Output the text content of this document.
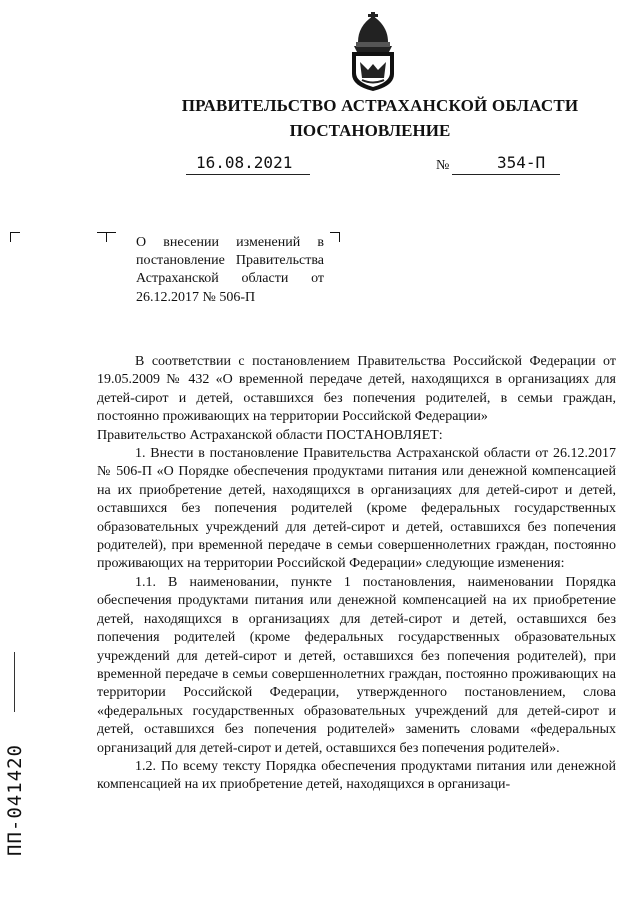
ПРАВИТЕЛЬСТВО АСТРАХАНСКОЙ ОБЛАСТИ
ПОСТАНОВЛЕНИЕ
16.08.2021	№	354-П
О внесении изменений в постановление Правительства Астраханской области от 26.12.2017 № 506-П

В соответствии с постановлением Правительства Российской Федерации от 19.05.2009 № 432 «О временной передаче детей, находящихся в организациях для детей-сирот и детей, оставшихся без попечения родителей, в семьи граждан, постоянно проживающих на территории Российской Федерации»

Правительство Астраханской области ПОСТАНОВЛЯЕТ:

1. Внести в постановление Правительства Астраханской области от 26.12.2017 № 506-П «О Порядке обеспечения продуктами питания или денежной компенсацией на их приобретение детей, находящихся в организациях для детей-сирот и детей, оставшихся без попечения родителей (кроме федеральных государственных образовательных учреждений для детей-сирот и детей, оставшихся без попечения родителей), при временной передаче в семьи совершеннолетних граждан, постоянно проживающих на территории Российской Федерации» следующие изменения:

1.1. В наименовании, пункте 1 постановления, наименовании Порядка обеспечения продуктами питания или денежной компенсацией на их приобретение детей, находящихся в организациях для детей-сирот и детей, оставшихся без попечения родителей (кроме федеральных государственных образовательных учреждений для детей-сирот и детей, оставшихся без попечения родителей), при временной передаче в семьи совершеннолетних граждан, постоянно проживающих на территории Российской Федерации, утвержденного постановлением, слова «федеральных государственных образовательных учреждений для детей-сирот и детей, оставшихся без попечения родителей» заменить словами «федеральных организаций для детей-сирот и детей, оставшихся без попечения родителей».

1.2. По всему тексту Порядка обеспечения продуктами питания или денежной компенсацией на их приобретение детей, находящихся в организаци-

ПП-041420
